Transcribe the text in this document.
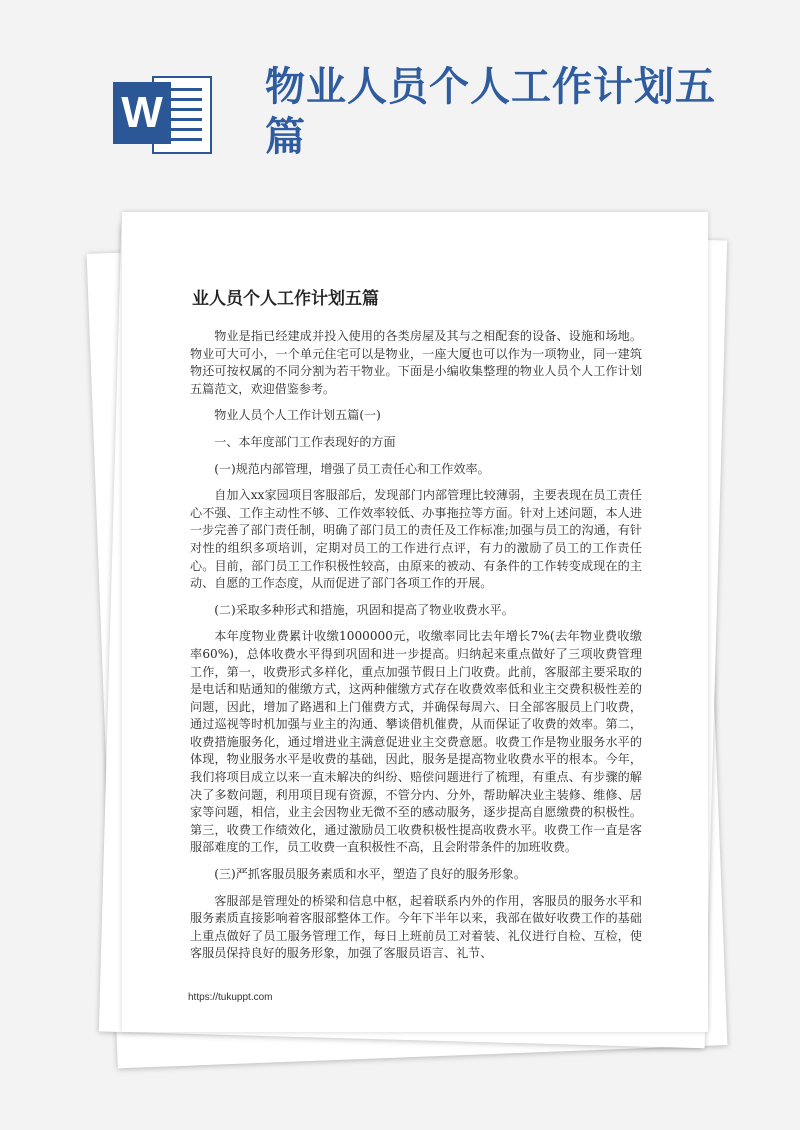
W
物业人员个人工作计划五篇
业人员个人工作计划五篇

物业是指已经建成并投入使用的各类房屋及其与之相配套的设备、设施和场地。物业可大可小，一个单元住宅可以是物业，一座大厦也可以作为一项物业，同一建筑物还可按权属的不同分割为若干物业。下面是小编收集整理的物业人员个人工作计划五篇范文，欢迎借鉴参考。

物业人员个人工作计划五篇(一)

一、本年度部门工作表现好的方面

(一)规范内部管理，增强了员工责任心和工作效率。

自加入xx家园项目客服部后，发现部门内部管理比较薄弱，主要表现在员工责任心不强、工作主动性不够、工作效率较低、办事拖拉等方面。针对上述问题，本人进一步完善了部门责任制，明确了部门员工的责任及工作标准;加强与员工的沟通，有针对性的组织多项培训，定期对员工的工作进行点评，有力的激励了员工的工作责任心。目前，部门员工工作积极性较高，由原来的被动、有条件的工作转变成现在的主动、自愿的工作态度，从而促进了部门各项工作的开展。

(二)采取多种形式和措施，巩固和提高了物业收费水平。

本年度物业费累计收缴1000000元，收缴率同比去年增长7%(去年物业费收缴率60%)，总体收费水平得到巩固和进一步提高。归纳起来重点做好了三项收费管理工作，第一，收费形式多样化，重点加强节假日上门收费。此前，客服部主要采取的是电话和贴通知的催缴方式，这两种催缴方式存在收费效率低和业主交费积极性差的问题，因此，增加了路遇和上门催费方式，并确保每周六、日全部客服员上门收费，通过巡视等时机加强与业主的沟通、攀谈借机催费，从而保证了收费的效率。第二，收费措施服务化，通过增进业主满意促进业主交费意愿。收费工作是物业服务水平的体现，物业服务水平是收费的基础，因此，服务是提高物业收费水平的根本。今年，我们将项目成立以来一直未解决的纠纷、赔偿问题进行了梳理，有重点、有步骤的解决了多数问题，利用项目现有资源，不管分内、分外，帮助解决业主装修、维修、居家等问题，相信，业主会因物业无微不至的感动服务，逐步提高自愿缴费的积极性。第三，收费工作绩效化，通过激励员工收费积极性提高收费水平。收费工作一直是客服部难度的工作，员工收费一直积极性不高，且会附带条件的加班收费。

(三)严抓客服员服务素质和水平，塑造了良好的服务形象。

客服部是管理处的桥梁和信息中枢，起着联系内外的作用，客服员的服务水平和服务素质直接影响着客服部整体工作。今年下半年以来，我部在做好收费工作的基础上重点做好了员工服务管理工作，每日上班前员工对着装、礼仪进行自检、互检，使客服员保持良好的服务形象，加强了客服员语言、礼节、

https://tukuppt.com
